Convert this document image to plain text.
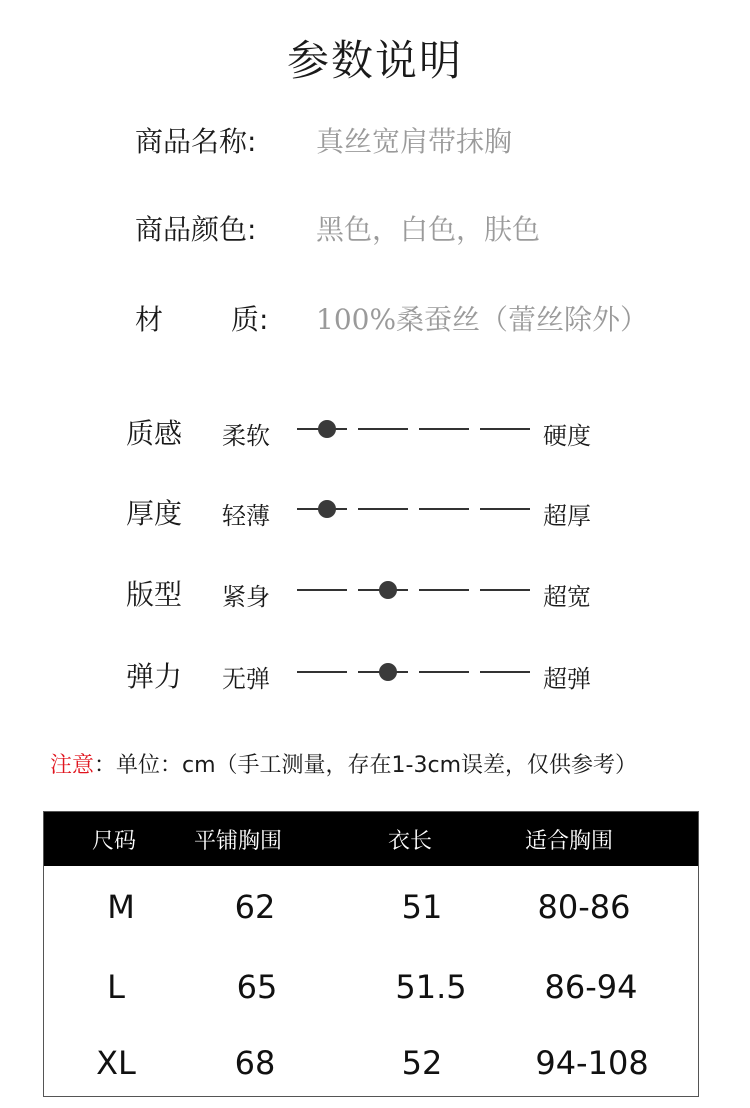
参数说明
商品名称: 真丝宽肩带抹胸
商品颜色: 黑色，白色，肤色
材 质: 100%桑蚕丝（蕾丝除外）
质感 柔软	硬度
厚度 轻薄	超厚
版型 紧身	超宽
弹力 无弹	超弹
注意：单位：cm（手工测量，存在1-3cm误差，仅供参考）
尺码	平铺胸围	衣长	适合胸围
M	62	51	80-86
L	65	51.5 86-94
XL	68	52	94-108
